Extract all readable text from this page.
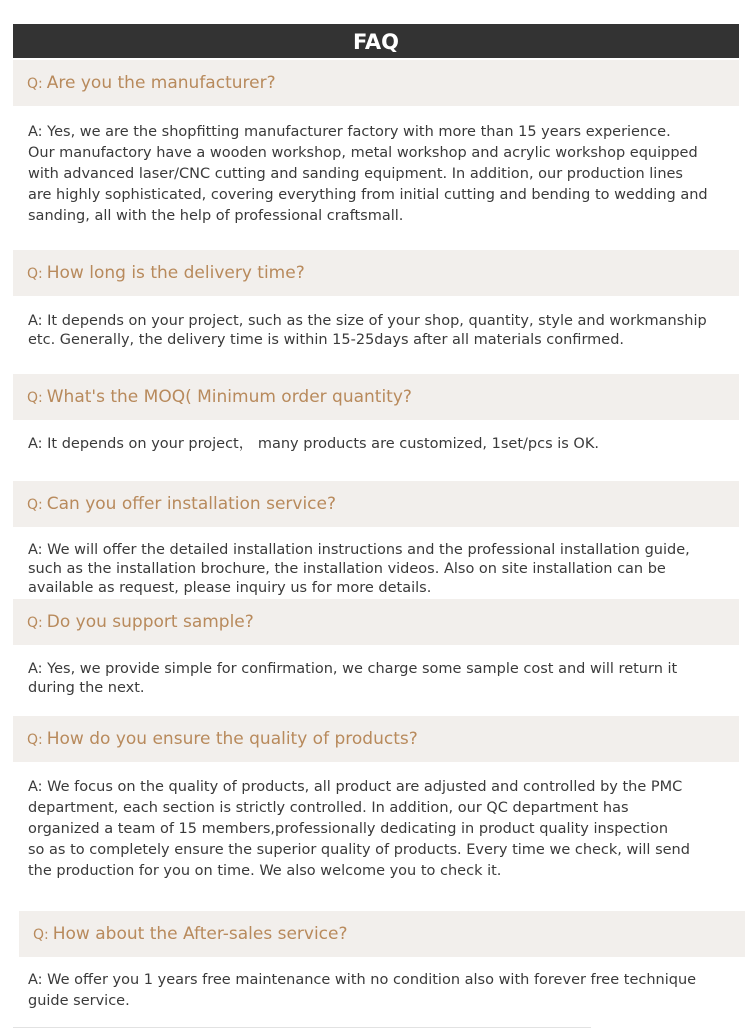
FAQ
Q: Are you the manufacturer?
A: Yes, we are the shopfitting manufacturer factory with more than 15 years experience.
Our manufactory have a wooden workshop, metal workshop and acrylic workshop equipped
with advanced laser/CNC cutting and sanding equipment. In addition, our production lines
are highly sophisticated, covering everything from initial cutting and bending to wedding and
sanding, all with the help of professional craftsmall.
Q: How long is the delivery time?
A: It depends on your project, such as the size of your shop, quantity, style and workmanship
etc. Generally, the delivery time is within 15-25days after all materials confirmed.
Q: What's the MOQ( Minimum order quantity?
A: It depends on your project， many products are customized, 1set/pcs is OK.
Q: Can you offer installation service?
A: We will offer the detailed installation instructions and the professional installation guide,
such as the installation brochure, the installation videos. Also on site installation can be
available as request, please inquiry us for more details.
Q: Do you support sample?
A: Yes, we provide simple for confirmation, we charge some sample cost and will return it
during the next.
Q: How do you ensure the quality of products?
A: We focus on the quality of products, all product are adjusted and controlled by the PMC
department, each section is strictly controlled. In addition, our QC department has
organized a team of 15 members,professionally dedicating in product quality inspection
so as to completely ensure the superior quality of products. Every time we check, will send
the production for you on time. We also welcome you to check it.
Q: How about the After-sales service?
A: We offer you 1 years free maintenance with no condition also with forever free technique
guide service.
